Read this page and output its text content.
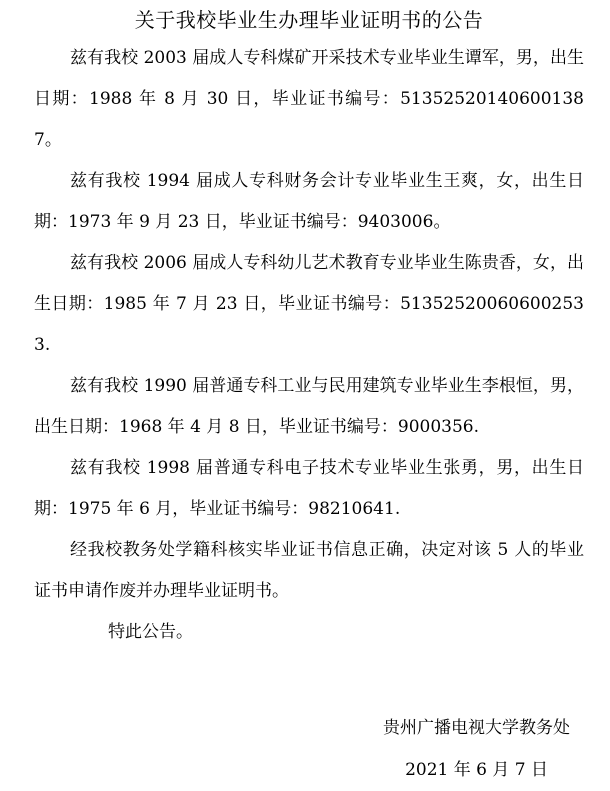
关于我校毕业生办理毕业证明书的公告

兹有我校 2003 届成人专科煤矿开采技术专业毕业生谭军，男，出生日期：1988 年 8 月 30 日，毕业证书编号：513525201406001387。

兹有我校 1994 届成人专科财务会计专业毕业生王爽，女，出生日期：1973 年 9 月 23 日，毕业证书编号：9403006。

兹有我校 2006 届成人专科幼儿艺术教育专业毕业生陈贵香，女，出生日期：1985 年 7 月 23 日，毕业证书编号：513525200606002533.

兹有我校 1990 届普通专科工业与民用建筑专业毕业生李根恒，男，出生日期：1968 年 4 月 8 日，毕业证书编号：9000356.

兹有我校 1998 届普通专科电子技术专业毕业生张勇，男，出生日期：1975 年 6 月，毕业证书编号：98210641.

经我校教务处学籍科核实毕业证书信息正确，决定对该 5 人的毕业证书申请作废并办理毕业证明书。

特此公告。

贵州广播电视大学教务处
2021 年 6 月 7 日
